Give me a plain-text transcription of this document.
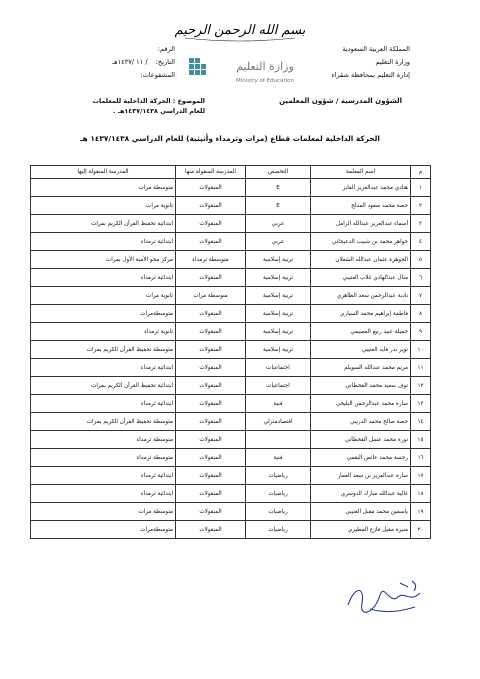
بسم الله الرحمن الرحيم
المملكة العربية السعودية
وزارة التعليم
إدارة التعليم بمحافظة شقراء
الرقم:
التاريخ: / ١١ /١٤٣٧هـ
المشفوعات:
وزارة التعليم
Ministry of Education
الشؤون المدرسية / شؤون المعلمين
الموضوع : الحركة الداخلية للمعلمات
للعام الدراسي ١٤٣٧/١٤٣٨هـ .
الحركة الداخلية لمعلمات قطاع (مرات وثرمداء وأثيثية) للعام الدراسي ١٤٣٧/١٤٣٨ هـ
م	اسم المعلمة	التخصص	المدرسة المنقولة منها	المدرسة المنقولة إليها
١	هنادي محمد عبدالعزيز الفايز	E	المنقولات	متوسطة مرات
٢	حصة محمد سعود المدلج	E	المنقولات	ثانوية مرات
٣	أسماء عبدالعزيز عبدالله الزامل	عربي	المنقولات	ابتدائية تحفيظ القرآن الكريم بمرات
٤	جواهر محمد بن شبيب الدعيجاني	عربي	المنقولات	ابتدائية ثرمداء
٥	الجوهرة عثمان عبدالله الشعلان	تربية إسلامية	متوسطة ثرمداء	مركز محو الأمية الأول بمرات
٦	منال عبدالهادي غلاب العتيبي	تربية إسلامية	المنقولات	ابتدائية ثرمداء
٧	نادية عبدالرحمن سعد الظاهري	تربية إسلامية	متوسطة مرات	ثانوية مرات
٨	فاطمة إبراهيم محمد السياري	تربية إسلامية	المنقولات	متوسطةمرات
٩	جميلة عبيد ربيع العصيمي	تربية إسلامية	المنقولات	ثانوية ثرمداء
١٠	نوير بدر فايد العتيبي	تربية إسلامية	المنقولات	متوسطة تحفيظ القرآن الكريم بمرات
١١	مريم محمد عبدالله السويلم	اجتماعيات	المنقولات	ابتدائية ثرمداء
١٢	نوف سعيد محمد القحطاني	اجتماعيات	المنقولات	ابتدائية تحفيظ القرآن الكريم بمرات
١٣	سارة محمد عبدالرحمن البليخي	فنية	المنقولات	ابتدائية ثرمداء
١٤	حصة صالح محمد الدريبي	اقتصادمنزلي	المنقولات	متوسطة تحفيظ القرآن الكريم بمرات
١٥	نورة محمد عسل القحطاني		المنقولات	متوسطة ثرمداء
١٦	رجسة محمد عائض البقمي	فنية	المنقولات	متوسطة ثرمداء
١٧	سارة عبدالعزيز بن سعد العمار	رياضيات	المنقولات	ابتدائية ثرمداء
١٨	غالية عبدالله مبارك الدوسري	رياضيات	المنقولات	ابتدائية ثرمداء
١٩	ياسمين محمد مقبل العتيبي	رياضيات	المنقولات	متوسطة مرات
٢٠	منيرة مقبل فازع المطيري	رياضيات	المنقولات	متوسطةمرات
